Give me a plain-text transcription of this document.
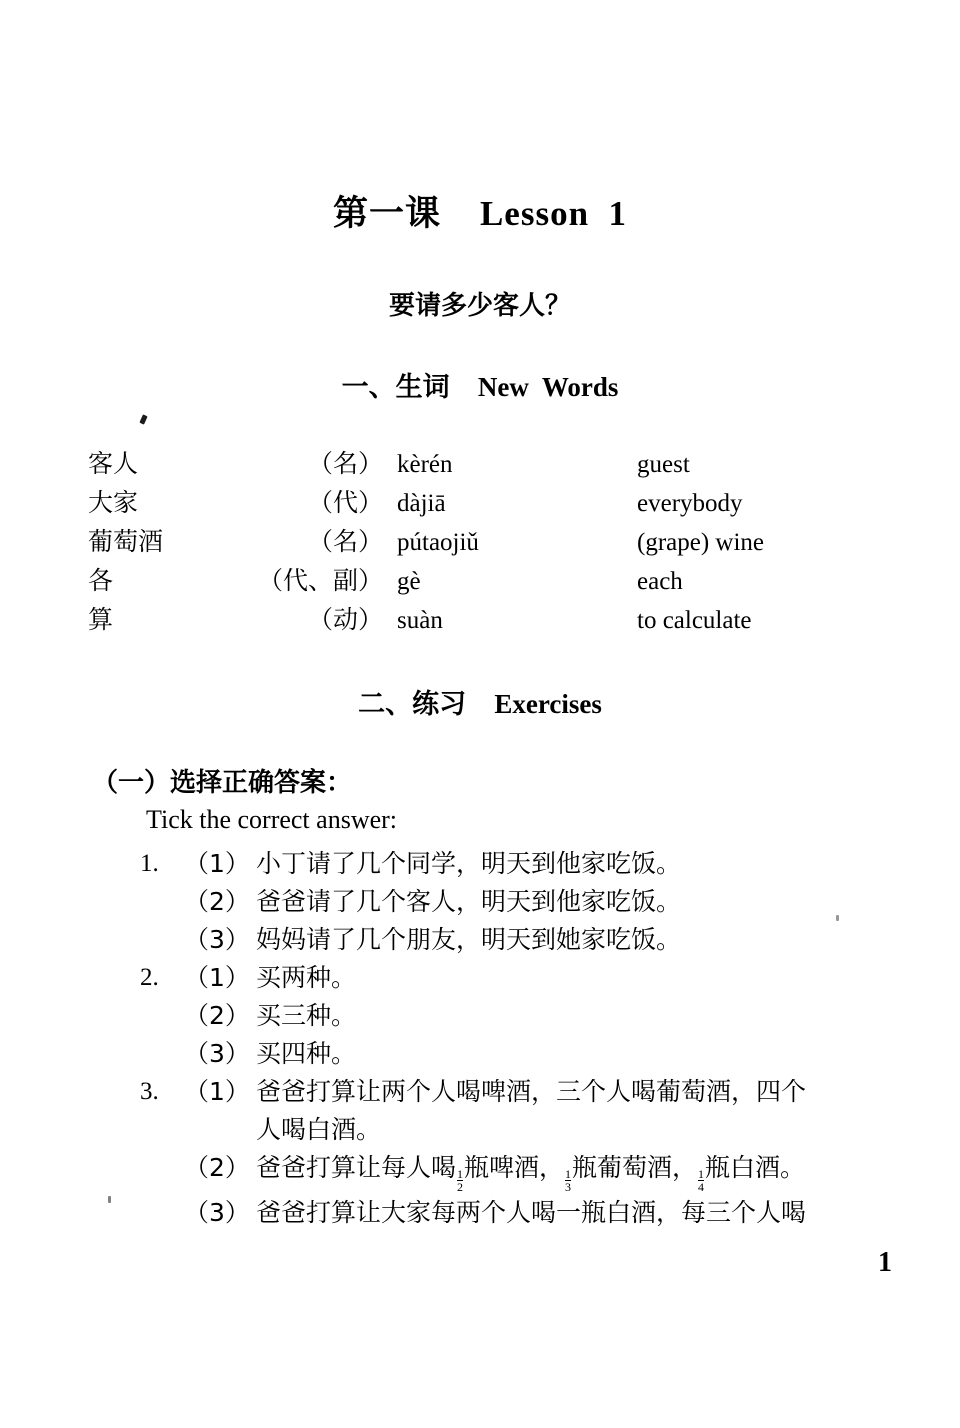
第一课 Lesson  1
要请多少客人？
一、生词 New  Words
客人	（名） kèrén	guest
大家	（代） dàjiā	everybody
葡萄酒	（名） pútaojiǔ	(grape) wine
各	（代、副） gè	each
算	（动） suàn	to calculate
二、练习 Exercises
（一）选择正确答案：
Tick the correct answer:
1.	（1） 小丁请了几个同学，明天到他家吃饭。
（2） 爸爸请了几个客人，明天到他家吃饭。
（3） 妈妈请了几个朋友，明天到她家吃饭。
2.	（1） 买两种。
（2） 买三种。
（3） 买四种。
3.	（1） 爸爸打算让两个人喝啤酒，三个人喝葡萄酒，四个
人喝白酒。
（2） 爸爸打算让每人喝 $\frac{1}{2}$ 瓶啤酒， $\frac{1}{3}$ 瓶葡萄酒， $\frac{1}{4}$ 瓶白酒。
（3） 爸爸打算让大家每两个人喝一瓶白酒，每三个人喝
1
